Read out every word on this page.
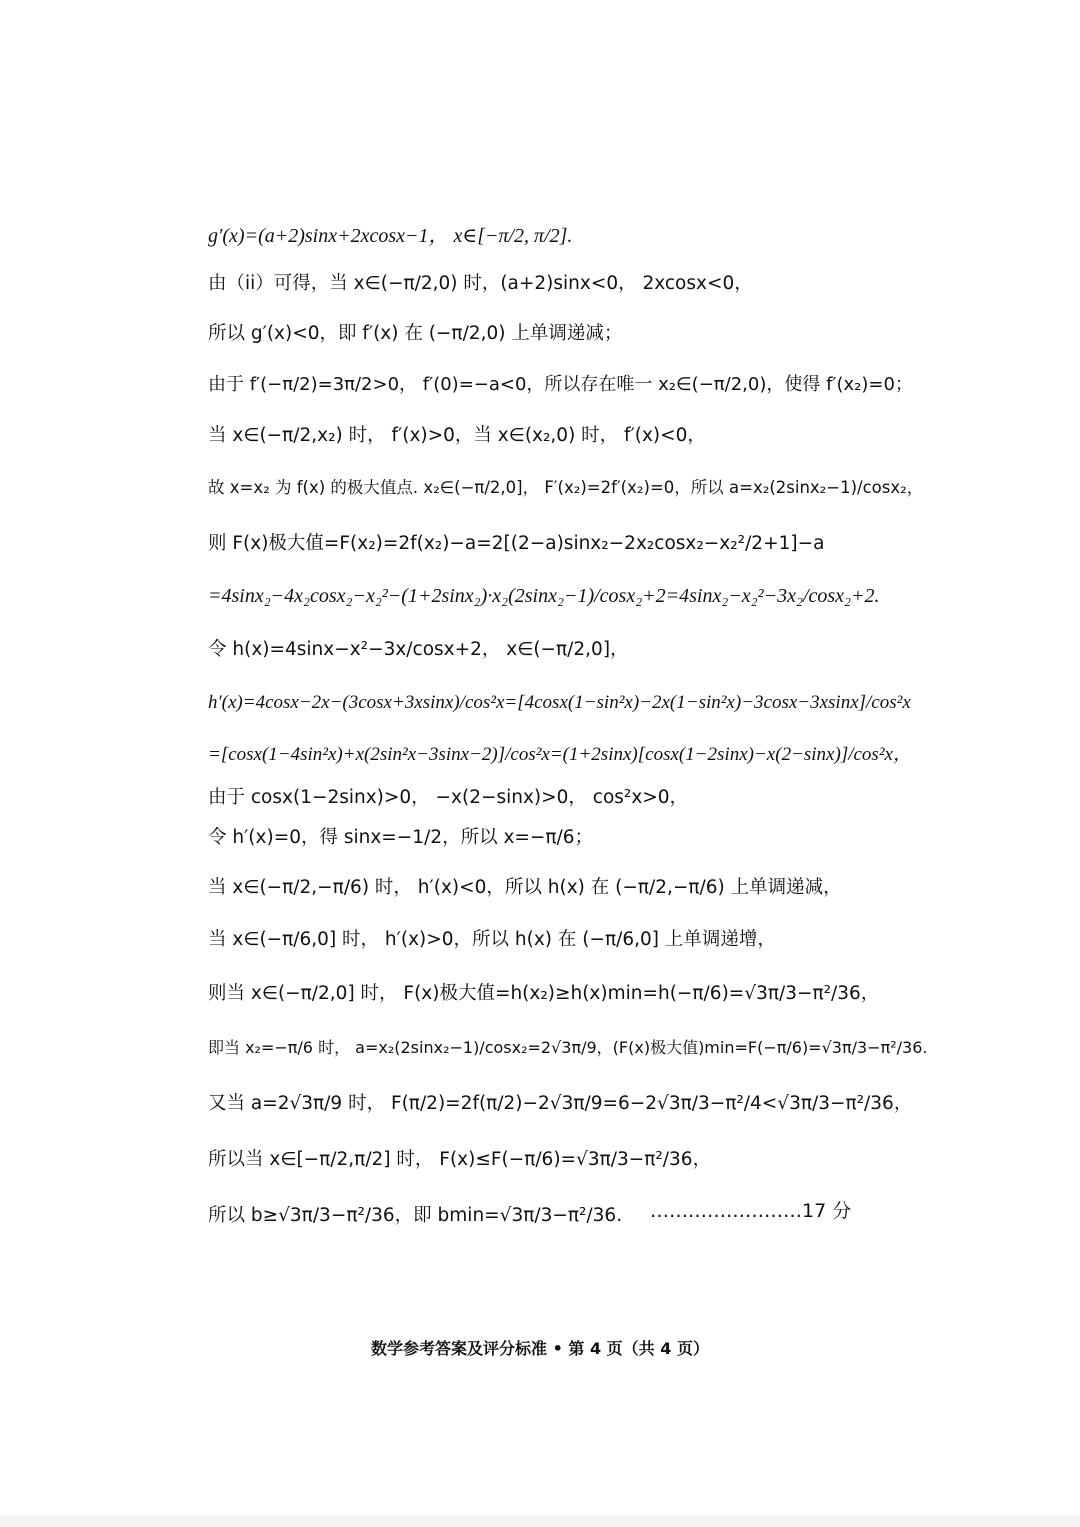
g′(x)=(a+2)sinx+2xcosx−1， x∈[−π/2, π/2].
由（ii）可得，当 x∈(−π/2,0) 时，(a+2)sinx<0， 2xcosx<0，
所以 g′(x)<0，即 f′(x) 在 (−π/2,0) 上单调递减；
由于 f′(−π/2)=3π/2>0， f′(0)=−a<0，所以存在唯一 x₂∈(−π/2,0)，使得 f′(x₂)=0；
当 x∈(−π/2,x₂) 时， f′(x)>0，当 x∈(x₂,0) 时， f′(x)<0，
故 x=x₂ 为 f(x) 的极大值点. x₂∈(−π/2,0]， F′(x₂)=2f′(x₂)=0，所以 a=x₂(2sinx₂−1)/cosx₂，
则 F(x)极大值=F(x₂)=2f(x₂)−a=2[(2−a)sinx₂−2x₂cosx₂−x₂²/2+1]−a
=4sinx₂−4x₂cosx₂−x₂²−(1+2sinx₂)·x₂(2sinx₂−1)/cosx₂+2=4sinx₂−x₂²−3x₂/cosx₂+2.
令 h(x)=4sinx−x²−3x/cosx+2， x∈(−π/2,0]，
h′(x)=4cosx−2x−(3cosx+3xsinx)/cos²x=[4cosx(1−sin²x)−2x(1−sin²x)−3cosx−3xsinx]/cos²x
=[cosx(1−4sin²x)+x(2sin²x−3sinx−2)]/cos²x=(1+2sinx)[cosx(1−2sinx)−x(2−sinx)]/cos²x，
由于 cosx(1−2sinx)>0， −x(2−sinx)>0， cos²x>0，
令 h′(x)=0，得 sinx=−1/2，所以 x=−π/6；
当 x∈(−π/2,−π/6) 时， h′(x)<0，所以 h(x) 在 (−π/2,−π/6) 上单调递减，
当 x∈(−π/6,0] 时， h′(x)>0，所以 h(x) 在 (−π/6,0] 上单调递增，
则当 x∈(−π/2,0] 时， F(x)极大值=h(x₂)≥h(x)min=h(−π/6)=√3π/3−π²/36，
即当 x₂=−π/6 时， a=x₂(2sinx₂−1)/cosx₂=2√3π/9，(F(x)极大值)min=F(−π/6)=√3π/3−π²/36.
又当 a=2√3π/9 时， F(π/2)=2f(π/2)−2√3π/9=6−2√3π/3−π²/4<√3π/3−π²/36，
所以当 x∈[−π/2,π/2] 时， F(x)≤F(−π/6)=√3π/3−π²/36，
所以 b≥√3π/3−π²/36，即 bmin=√3π/3−π²/36.	……………………17 分
数学参考答案及评分标准 • 第 4 页（共 4 页）
